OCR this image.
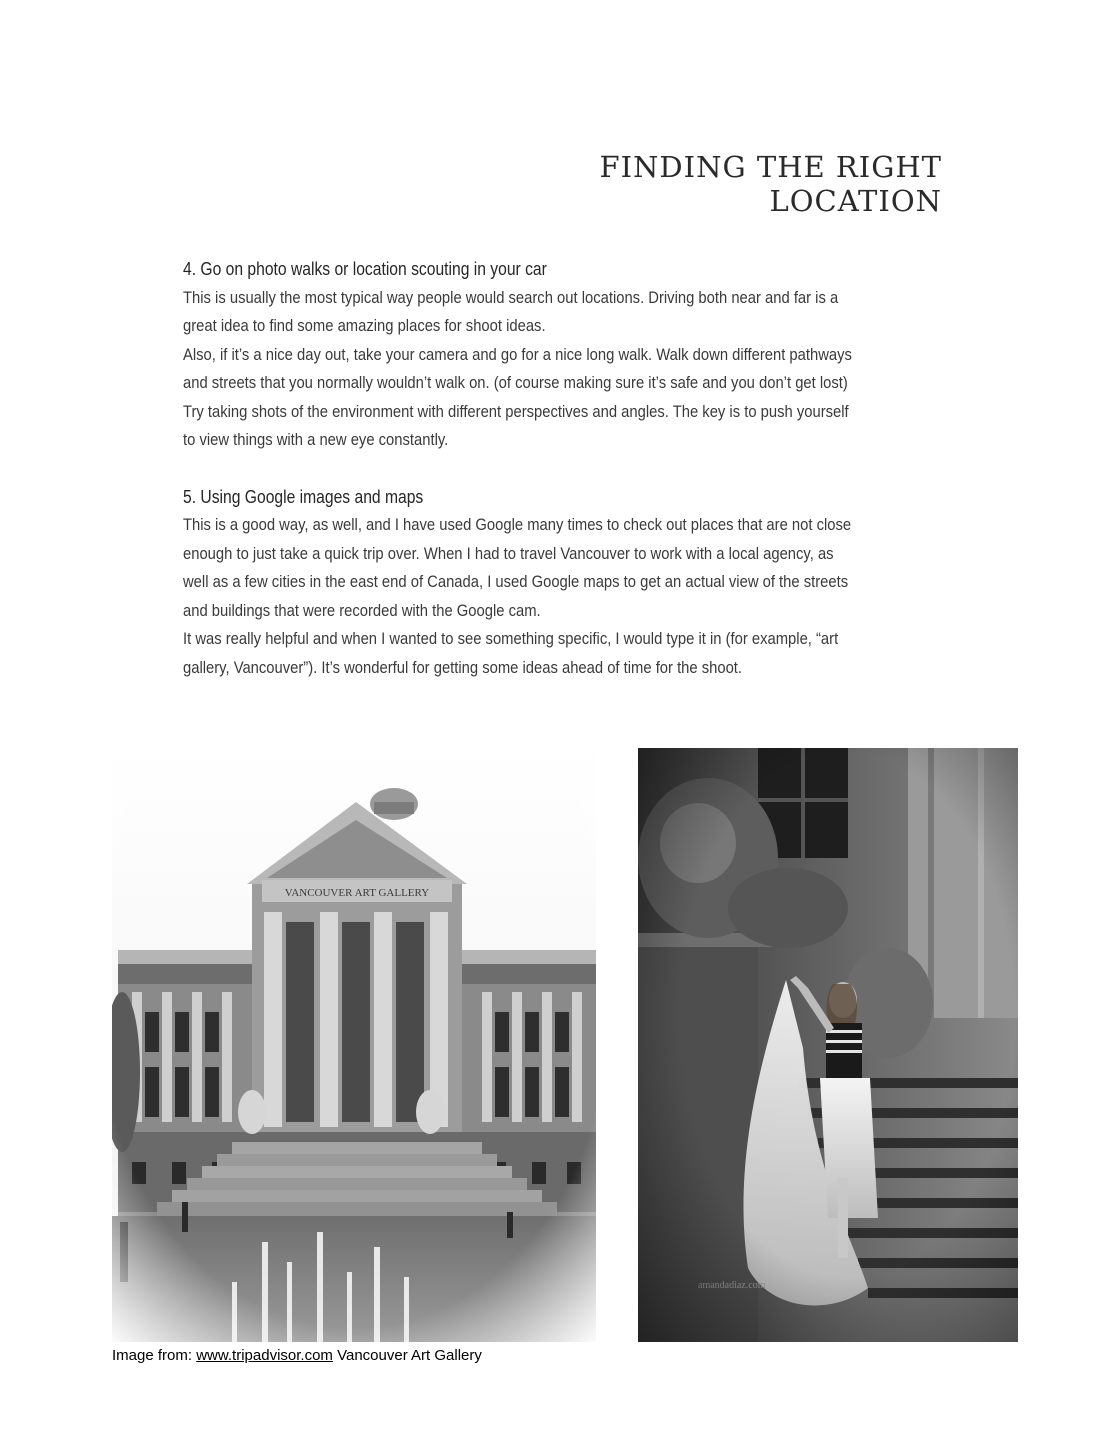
FINDING THE RIGHT LOCATION
4. Go on photo walks or location scouting in your car

This is usually the most typical way people would search out locations. Driving both near and far is a great idea to find some amazing places for shoot ideas.

Also, if it’s a nice day out, take your camera and go for a nice long walk. Walk down different pathways and streets that you normally wouldn’t walk on. (of course making sure it’s safe and you don’t get lost) Try taking shots of the environment with different perspectives and angles. The key is to push yourself to view things with a new eye constantly.

5. Using Google images and maps

This is a good way, as well, and I have used Google many times to check out places that are not close enough to just take a quick trip over. When I had to travel Vancouver to work with a local agency, as well as a few cities in the east end of Canada, I used Google maps to get an actual view of the streets and buildings that were recorded with the Google cam.

It was really helpful and when I wanted to see something specific, I would type it in (for example, “art gallery, Vancouver”). It’s wonderful for getting some ideas ahead of time for the shoot.

Image from: www.tripadvisor.com Vancouver Art Gallery
